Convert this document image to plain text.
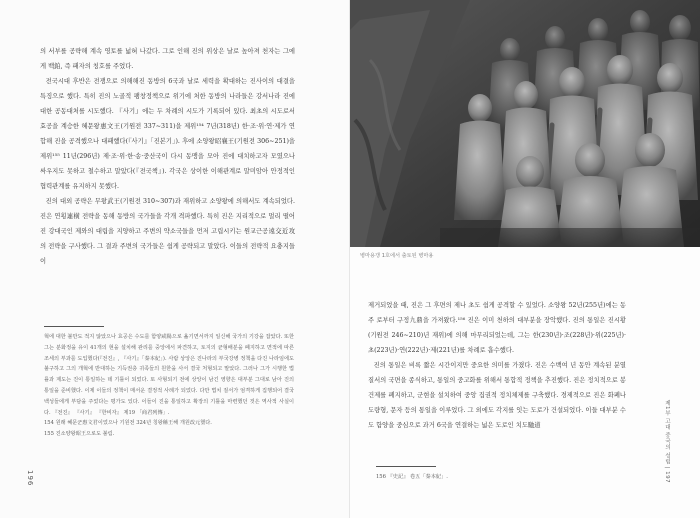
의 서부를 공략해 계속 영토를 넓혀 나갔다. 그로 인해 진의 위상은 날로 높아져 천자는 그에게 백鉑, 즉 패자의 칭호를 주었다.

전국시대 후반은 전쟁으로 의해해진 동방의 6국과 날로 세력을 확대하는 진사이의 대결을 특징으로 했다. 특히 진의 노골적 팽창정책으로 위기에 처한 동방의 나라들은 강서나라 진에 대한 공동대처를 시도했다. 『사기』에는 두 차례의 시도가 기록되어 있다. 최초의 시도로서 효공을 계승한 혜문왕惠文王(기원전 337~311)을 제위¹⁵⁴ 7년(318년) 한·조·위·연·제가 연합해 진을 공격했으나 대패했다(『사기』「진본기」). 후에 소양왕昭襄王(기원전 306~251)을 제위¹⁵⁵ 11년(296년) 제·조·위·한·송·중산국이 다시 동맹을 모아 진에 대치하고자 모였으나 싸우지도 못하고 철수하고 말았다(『전국책』). 각국은 상이한 이해관계로 말미암아 안정적인 협력관계를 유지하지 못했다.

진의 대외 공략은 무왕武王(기원전 310~307)과 재위하고 소양왕에 의해서도 계속되었다. 진은 연횡連橫 전략을 동해 동방의 국가들을 각개 격파했다. 특히 진은 지리적으로 멀리 떨어진 강대국인 제와의 대립을 지양하고 주변의 약소국들을 먼저 고립시키는 원교근공遠交近攻의 전략을 구사했다. 그 결과 주변의 국가들은 쉽게 공략되고 말았다. 이들의 전략적 요충지들이

혁에 대한 불만도 적지 않았으나 효공은 수도를 함양咸陽으로 옮기면서까지 일신해 국가의 기강을 잡았다. 또한 그는 분화정을 유이 41개의 현을 설치해 관리를 중앙에서 파견하고, 토지의 균형배분을 폐지하고 면적에 따른 조세의 부과를 도입했다(『전진』, 『사기』「秦本紀」). 사람 상앙은 진나라의 부국강병 정책을 다진 나라임에도 불구하고 그의 개혁에 반대하는 기득권층 귀족들의 원한을 사서 결국 처형되고 말았다. 그러나 그가 시행한 법률과 제도는 진이 통일하는 데 기틀이 되었다. 또 사형되기 전에 상앙이 남긴 영향은 대부분 그대로 남아 진의 통일을 준비했다. 이제 이들의 정책이 매서운 결정적 사례가 되었다. 다만 법치 질서가 엄격하게 집행되어 결국 백성들에게 부담을 주었다는 평가도 있다. 이들이 진을 통일하고 확장의 기틀을 마련했던 것은 역사적 사실이다. 『전진』 『사기』 『한비자』 제19 「商君列傳」.

154 원래 혜문군惠文君이었으나 기원전 324년 칭왕稱王해 개원改元했다.

155 진소양왕昭王으로도 불림.

196
병마용갱 1호에서 출토된 병마용

제거되었을 때, 진은 그 후면의 제나 초도 쉽게 공격할 수 있었다. 소양왕 52년(255년)에는 동주 로부터 구정九鼎을 가져왔다.¹⁵⁶ 진은 이미 천하의 대부분을 장악했다. 진의 통일은 진시황(기원전 246~210)년 재위)에 의해 마무리되었는데, 그는 한(230년)·조(228년)·위(225년)·초(223년)·연(222년)·제(221년)를 차례로 흡수했다.

진의 통일은 비록 짧은 시간이지만 중요한 의미를 가졌다. 진은 수백여 년 동안 계속된 분열 질서의 국면을 종식하고, 통일의 중고화를 위해서 통합적 정책을 추진했다. 진은 정치적으로 봉건제를 폐지하고, 군현을 설치하여 중앙 집권적 정치체제를 구축했다. 경제적으로 진은 화폐나 도량형, 문자 등의 통일을 이루었다. 그 외에도 각지를 잇는 도로가 건설되었다. 이들 대부분 수도 함양을 중심으로 과거 6국을 연결하는 넓은 도로인 치도馳道

156 『史記』 卷五「秦本紀」.	제1부 고대 중국의 성립 | 197
